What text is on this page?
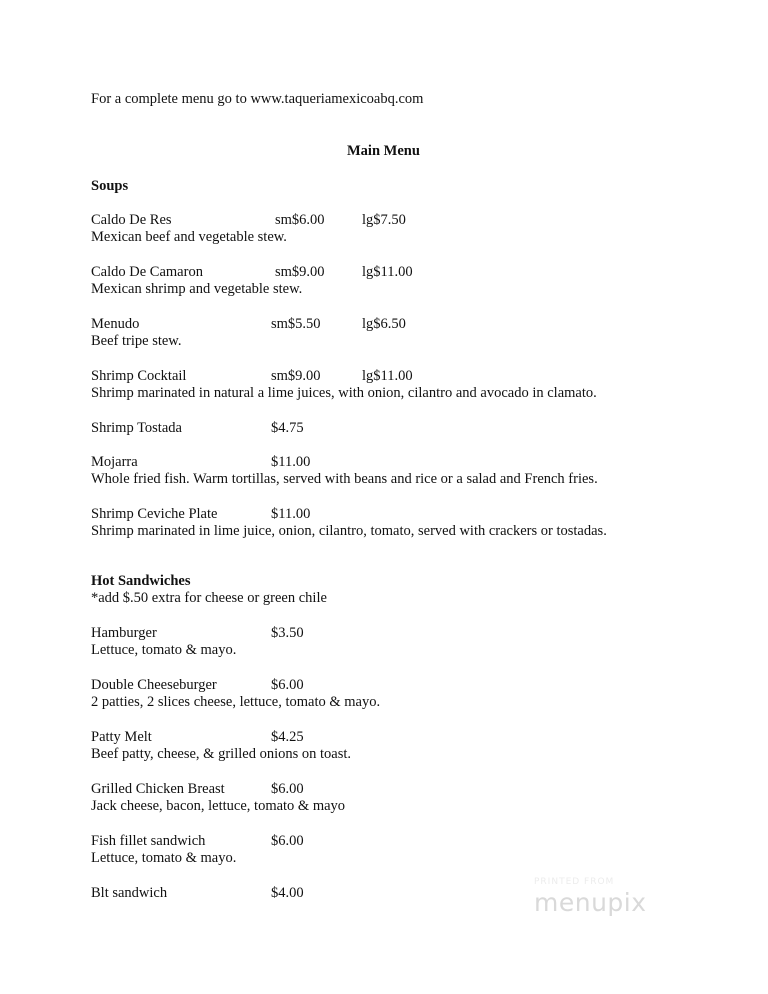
For a complete menu go to www.taqueriamexicoabq.com
Main Menu
Soups
Caldo De Res	sm$6.00	lg$7.50
Mexican beef and vegetable stew.
Caldo De Camaron	sm$9.00	lg$11.00
Mexican shrimp and vegetable stew.
Menudo	sm$5.50	lg$6.50
Beef tripe stew.
Shrimp Cocktail	sm$9.00	lg$11.00
Shrimp marinated in natural a lime juices, with onion, cilantro and avocado in clamato.
Shrimp Tostada	$4.75
Mojarra	$11.00
Whole fried fish. Warm tortillas, served with beans and rice or a salad and French fries.
Shrimp Ceviche Plate	$11.00
Shrimp marinated in lime juice, onion, cilantro, tomato, served with crackers or tostadas.
Hot Sandwiches
*add $.50 extra for cheese or green chile
Hamburger	$3.50
Lettuce, tomato & mayo.
Double Cheeseburger	$6.00
2 patties, 2 slices cheese, lettuce, tomato & mayo.
Patty Melt	$4.25
Beef patty, cheese, & grilled onions on toast.
Grilled Chicken Breast	$6.00
Jack cheese, bacon, lettuce, tomato & mayo
Fish fillet sandwich	$6.00
Lettuce, tomato & mayo.
Blt sandwich	$4.00
PRINTED FROM
menupix
